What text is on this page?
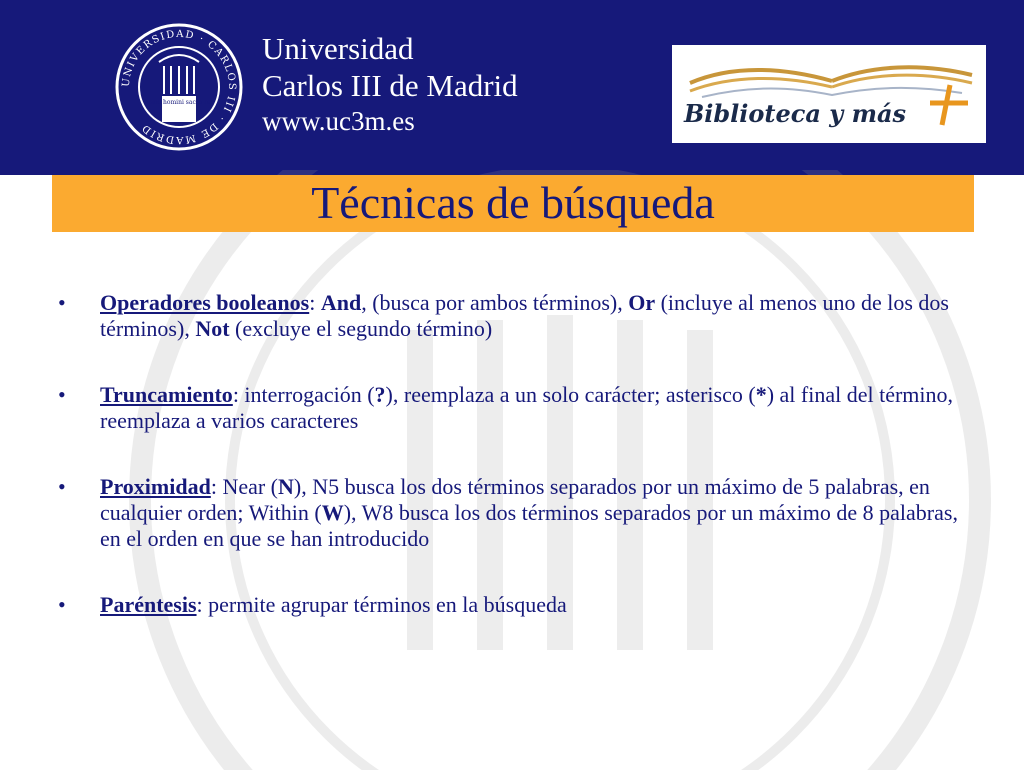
UNIVERSIDAD · CARLOS III · DE MADRID
homo homini sacra res
Universidad
Carlos III de Madrid
www.uc3m.es	Biblioteca y más
Técnicas de búsqueda
• Operadores booleanos: And, (busca por ambos términos), Or (incluye al menos uno de los dos términos), Not (excluye el segundo término)
• Truncamiento: interrogación (?), reemplaza a un solo carácter; asterisco (*) al final del término, reemplaza a varios caracteres
• Proximidad: Near (N), N5 busca los dos términos separados por un máximo de 5 palabras, en cualquier orden; Within (W), W8 busca los dos términos separados por un máximo de 8 palabras, en el orden en que se han introducido
• Paréntesis: permite agrupar términos en la búsqueda
